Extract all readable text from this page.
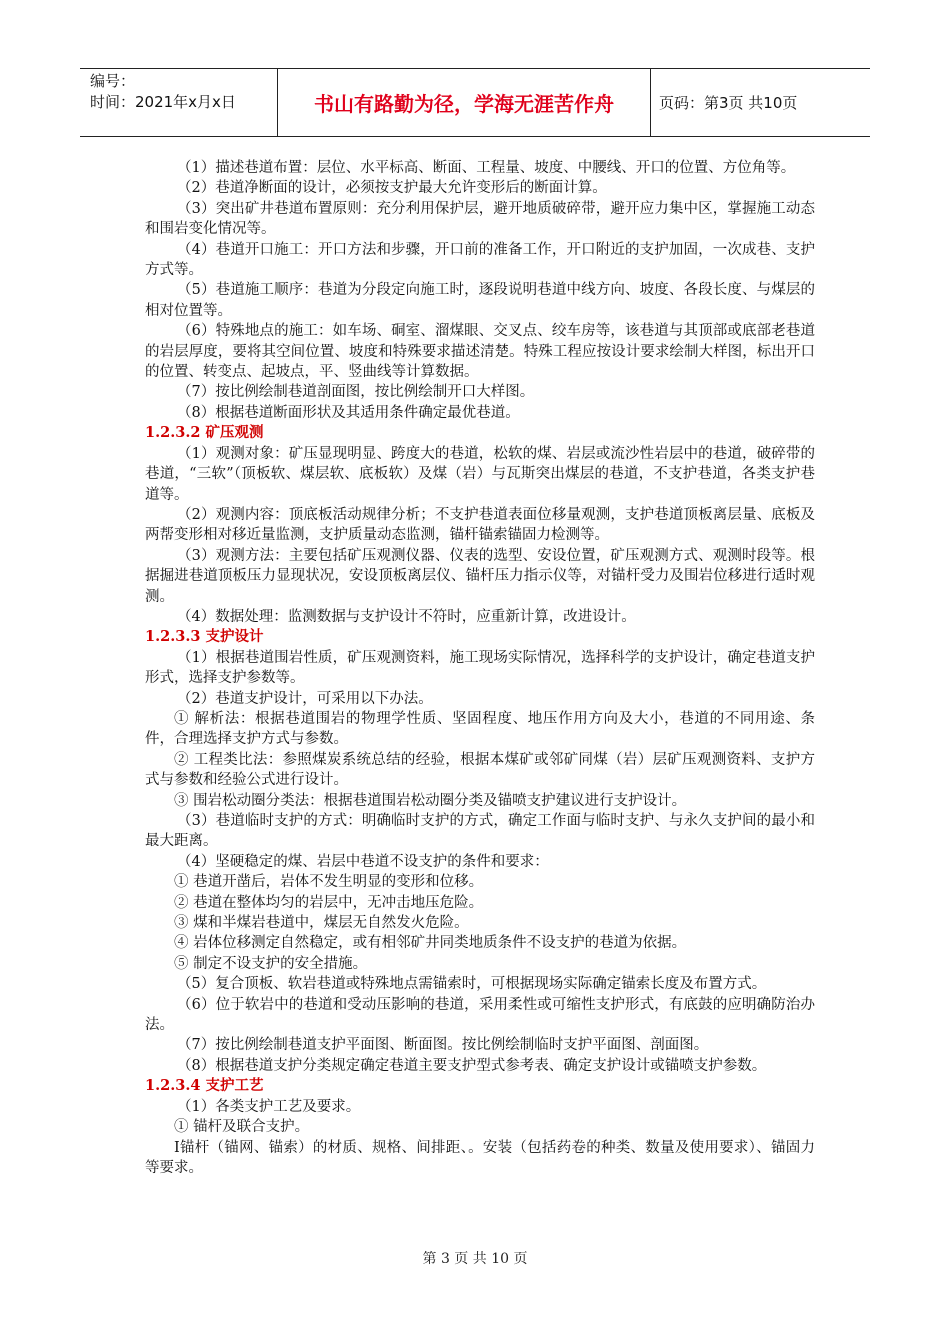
编号：
时间：2021年x月x日	书山有路勤为径，学海无涯苦作舟	页码：第3页 共10页

（1）描述巷道布置：层位、水平标高、断面、工程量、坡度、中腰线、开口的位置、方位角等。

（2）巷道净断面的设计，必须按支护最大允许变形后的断面计算。

（3）突出矿井巷道布置原则：充分利用保护层，避开地质破碎带，避开应力集中区，掌握施工动态和围岩变化情况等。

（4）巷道开口施工：开口方法和步骤，开口前的准备工作，开口附近的支护加固，一次成巷、支护方式等。

（5）巷道施工顺序：巷道为分段定向施工时，逐段说明巷道中线方向、坡度、各段长度、与煤层的相对位置等。

（6）特殊地点的施工：如车场、硐室、溜煤眼、交叉点、绞车房等，该巷道与其顶部或底部老巷道的岩层厚度，要将其空间位置、坡度和特殊要求描述清楚。特殊工程应按设计要求绘制大样图，标出开口的位置、转变点、起坡点，平、竖曲线等计算数据。

（7）按比例绘制巷道剖面图，按比例绘制开口大样图。

（8）根据巷道断面形状及其适用条件确定最优巷道。

1.2.3.2 矿压观测

（1）观测对象：矿压显现明显、跨度大的巷道，松软的煤、岩层或流沙性岩层中的巷道，破碎带的巷道，“三软”（顶板软、煤层软、底板软）及煤（岩）与瓦斯突出煤层的巷道，不支护巷道，各类支护巷道等。

（2）观测内容：顶底板活动规律分析；不支护巷道表面位移量观测，支护巷道顶板离层量、底板及两帮变形相对移近量监测，支护质量动态监测，锚杆锚索锚固力检测等。

（3）观测方法：主要包括矿压观测仪器、仪表的选型、安设位置，矿压观测方式、观测时段等。根据掘进巷道顶板压力显现状况，安设顶板离层仪、锚杆压力指示仪等，对锚杆受力及围岩位移进行适时观测。

（4）数据处理：监测数据与支护设计不符时，应重新计算，改进设计。

1.2.3.3 支护设计

（1）根据巷道围岩性质，矿压观测资料，施工现场实际情况，选择科学的支护设计，确定巷道支护形式，选择支护参数等。

（2）巷道支护设计，可采用以下办法。

① 解析法：根据巷道围岩的物理学性质、坚固程度、地压作用方向及大小，巷道的不同用途、条件，合理选择支护方式与参数。

② 工程类比法：参照煤炭系统总结的经验，根据本煤矿或邻矿同煤（岩）层矿压观测资料、支护方式与参数和经验公式进行设计。

③ 围岩松动圈分类法：根据巷道围岩松动圈分类及锚喷支护建议进行支护设计。

（3）巷道临时支护的方式：明确临时支护的方式，确定工作面与临时支护、与永久支护间的最小和最大距离。

（4）坚硬稳定的煤、岩层中巷道不设支护的条件和要求：

① 巷道开凿后，岩体不发生明显的变形和位移。

② 巷道在整体均匀的岩层中，无冲击地压危险。

③ 煤和半煤岩巷道中，煤层无自然发火危险。

④ 岩体位移测定自然稳定，或有相邻矿井同类地质条件不设支护的巷道为依据。

⑤ 制定不设支护的安全措施。

（5）复合顶板、软岩巷道或特殊地点需锚索时，可根据现场实际确定锚索长度及布置方式。

（6）位于软岩中的巷道和受动压影响的巷道，采用柔性或可缩性支护形式，有底鼓的应明确防治办法。

（7）按比例绘制巷道支护平面图、断面图。按比例绘制临时支护平面图、剖面图。

（8）根据巷道支护分类规定确定巷道主要支护型式参考表、确定支护设计或锚喷支护参数。

1.2.3.4 支护工艺

（1）各类支护工艺及要求。

① 锚杆及联合支护。

Ⅰ锚杆（锚网、锚索）的材质、规格、间排距、。安装（包括药卷的种类、数量及使用要求）、锚固力等要求。

第 3 页 共 10 页
